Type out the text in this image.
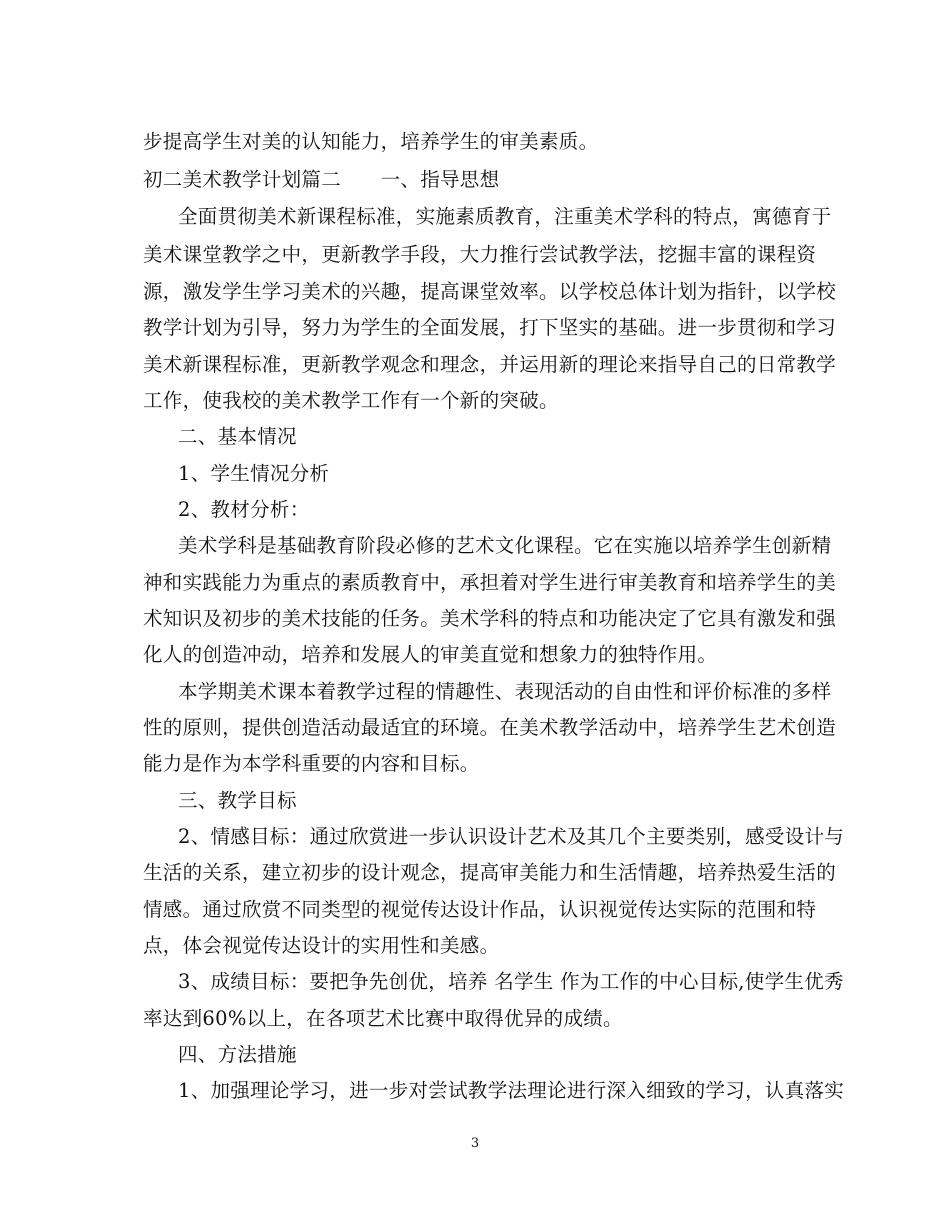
步提高学生对美的认知能力，培养学生的审美素质。
初二美术教学计划篇二　　一、指导思想
全面贯彻美术新课程标准，实施素质教育，注重美术学科的特点，寓德育于
美术课堂教学之中，更新教学手段，大力推行尝试教学法，挖掘丰富的课程资
源，激发学生学习美术的兴趣，提高课堂效率。以学校总体计划为指针，以学校
教学计划为引导，努力为学生的全面发展，打下坚实的基础。进一步贯彻和学习
美术新课程标准，更新教学观念和理念，并运用新的理论来指导自己的日常教学
工作，使我校的美术教学工作有一个新的突破。
二、基本情况
1、学生情况分析
2、教材分析：
美术学科是基础教育阶段必修的艺术文化课程。它在实施以培养学生创新精
神和实践能力为重点的素质教育中，承担着对学生进行审美教育和培养学生的美
术知识及初步的美术技能的任务。美术学科的特点和功能决定了它具有激发和强
化人的创造冲动，培养和发展人的审美直觉和想象力的独特作用。
本学期美术课本着教学过程的情趣性、表现活动的自由性和评价标准的多样
性的原则，提供创造活动最适宜的环境。在美术教学活动中，培养学生艺术创造
能力是作为本学科重要的内容和目标。
三、教学目标
2、情感目标：通过欣赏进一步认识设计艺术及其几个主要类别，感受设计与
生活的关系，建立初步的设计观念，提高审美能力和生活情趣，培养热爱生活的
情感。通过欣赏不同类型的视觉传达设计作品，认识视觉传达实际的范围和特
点，体会视觉传达设计的实用性和美感。
3、成绩目标：要把争先创优，培养 名学生 作为工作的中心目标,使学生优秀
率达到60%以上，在各项艺术比赛中取得优异的成绩。
四、方法措施
1、加强理论学习，进一步对尝试教学法理论进行深入细致的学习，认真落实
3
